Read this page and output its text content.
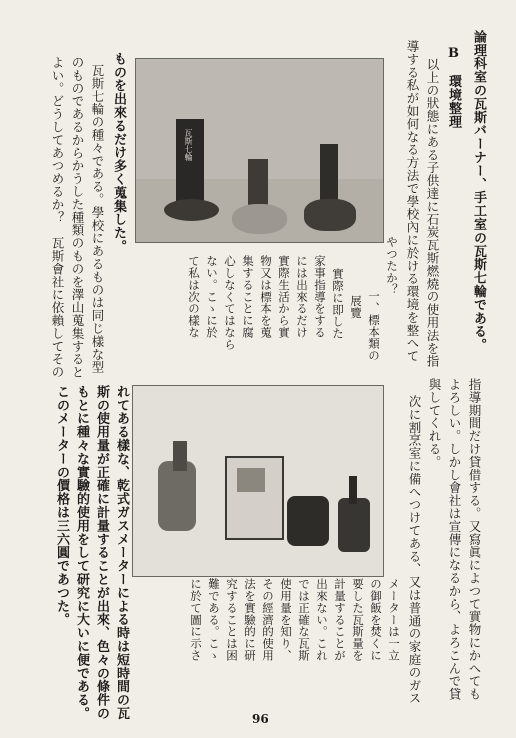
論理科室の瓦斯バーナー、手工室の瓦斯七輪である。
B　環境整理
以上の狀態にある子供達に石炭瓦斯燃燒の使用法を指
導する私が如何なる方法で學校內に於ける環境を整へて
やつたか？
一、標本類の
展覽
實際に即した
家事指導をする
には出來るだけ
實際生活から實
物又は標本を蒐
集することに腐
心しなくてはなら
ない。こゝに於
て私は次の樣な
瓦斯七輪
ものを出來るだけ多く蒐集した。
瓦斯七輪の種々である。學校にあるものは同じ樣な型
のものであるからかうした種類のものを澤山蒐集すると
よい。どうしてあつめるか？　瓦斯會社に依賴してその
指導期間だけ貸借する。又寫眞によつて實物にかへても
よろしい。しかし會社は宣傳になるから、よろこんで貸
與してくれる。
次に割烹室に備へつけてある、又は普通の家庭のガス
メーターは一立
の御飯を焚くに
要した瓦斯量を
計量することが
出來ない。これ
では正確な瓦斯
使用量を知り、
その經濟的使用
法を實驗的に研
究することは困
難である。こゝ
に於て圖に示さ
れてある樣な、乾式ガスメーターによる時は短時間の瓦
斯の使用量が正確に計量することが出來、色々の條件の
もとに種々な實驗的使用をして研究に大いに便である。
このメーターの價格は三六圓であつた。
96
